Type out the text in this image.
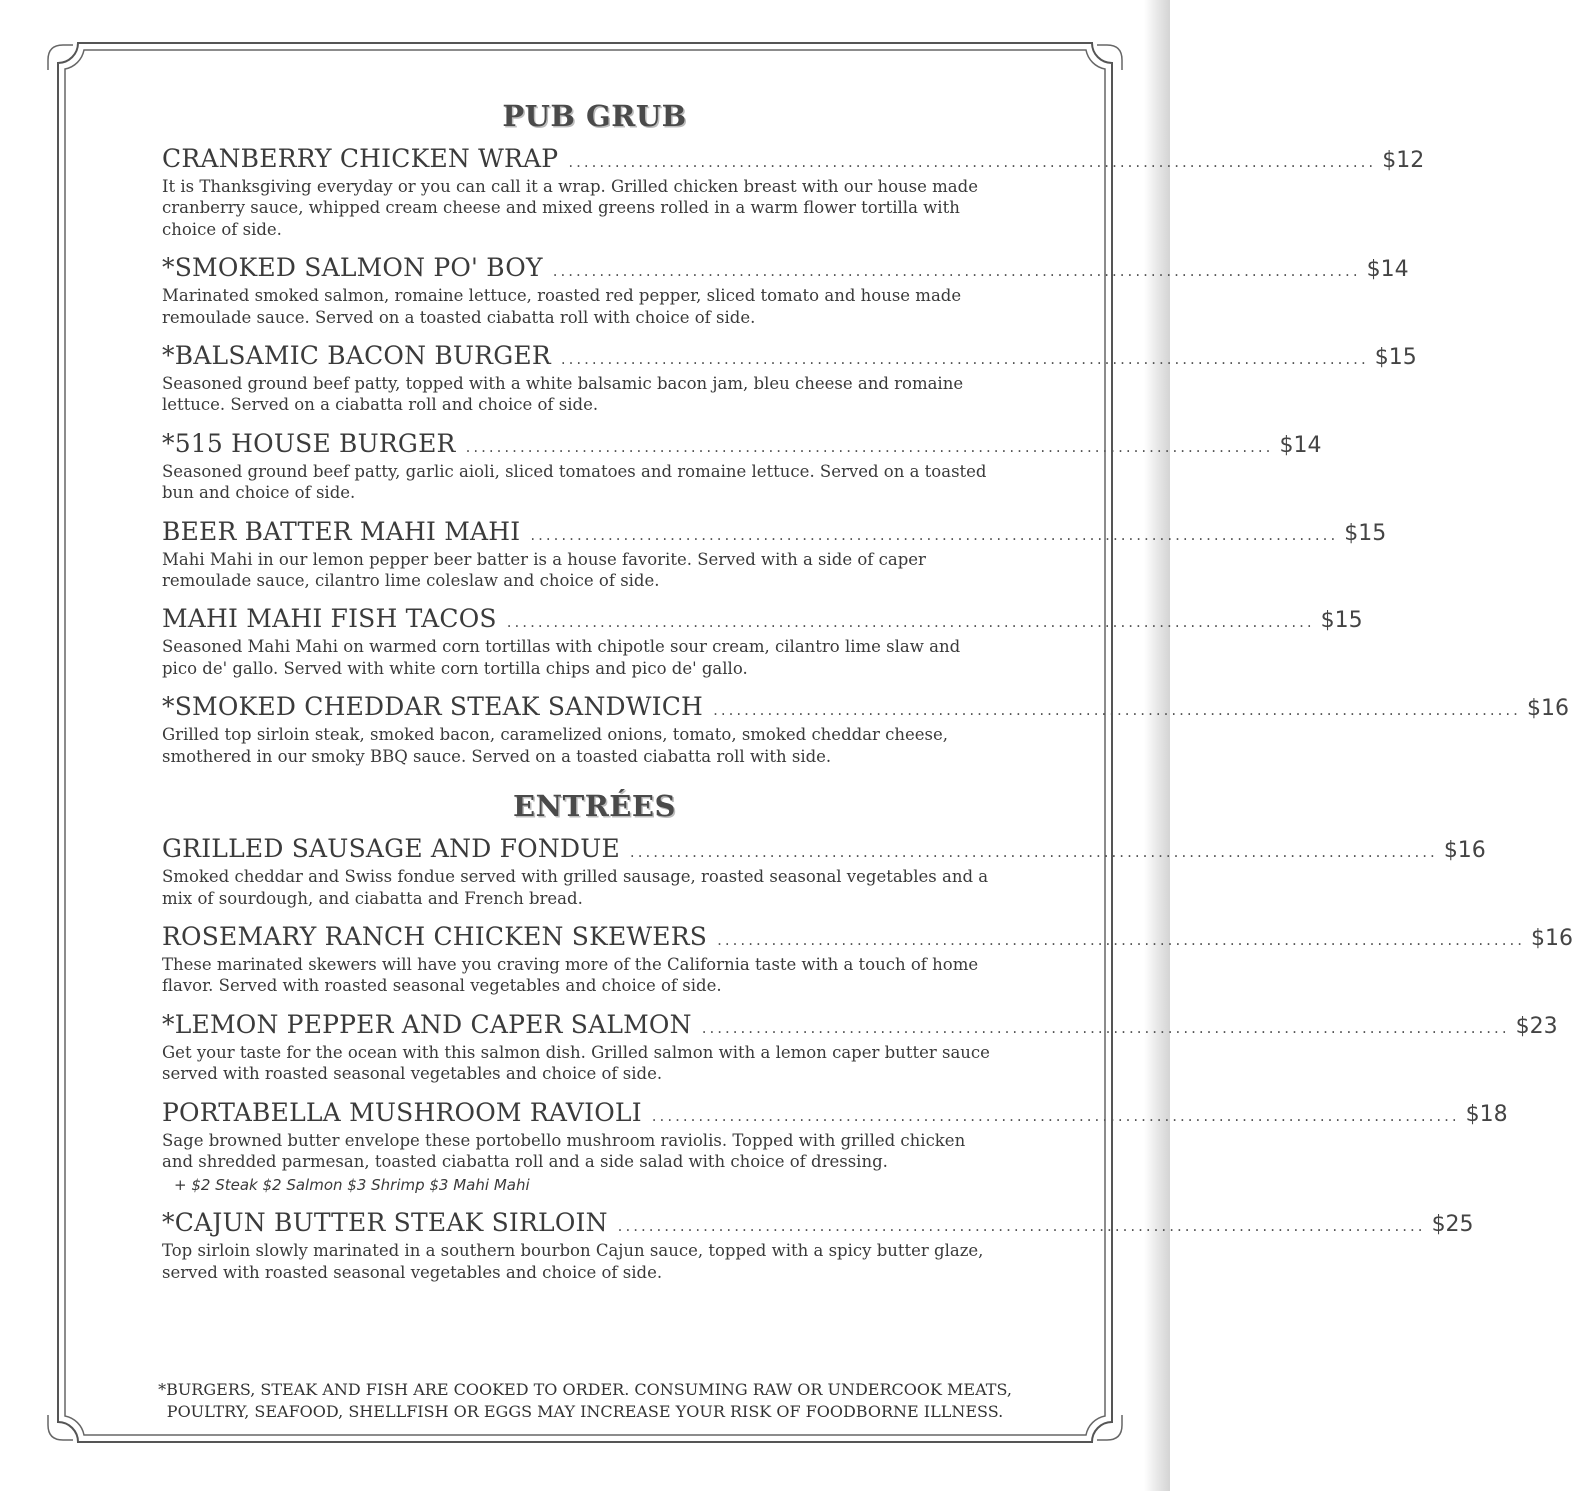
PUB GRUB
CRANBERRY CHICKEN WRAP ........................................................................................................ $12

It is Thanksgiving everyday or you can call it a wrap. Grilled chicken breast with our house made cranberry sauce, whipped cream cheese and mixed greens rolled in a warm flower tortilla with choice of side.

*SMOKED SALMON PO' BOY ........................................................................................................ $14

Marinated smoked salmon, romaine lettuce, roasted red pepper, sliced tomato and house made remoulade sauce. Served on a toasted ciabatta roll with choice of side.

*BALSAMIC BACON BURGER ........................................................................................................ $15

Seasoned ground beef patty, topped with a white balsamic bacon jam, bleu cheese and romaine lettuce. Served on a ciabatta roll and choice of side.

*515 HOUSE BURGER ........................................................................................................ $14

Seasoned ground beef patty, garlic aioli, sliced tomatoes and romaine lettuce. Served on a toasted bun and choice of side.

BEER BATTER MAHI MAHI ........................................................................................................ $15

Mahi Mahi in our lemon pepper beer batter is a house favorite. Served with a side of caper remoulade sauce, cilantro lime coleslaw and choice of side.

MAHI MAHI FISH TACOS ........................................................................................................ $15

Seasoned Mahi Mahi on warmed corn tortillas with chipotle sour cream, cilantro lime slaw and pico de' gallo. Served with white corn tortilla chips and pico de' gallo.

*SMOKED CHEDDAR STEAK SANDWICH ........................................................................................................ $16

Grilled top sirloin steak, smoked bacon, caramelized onions, tomato, smoked cheddar cheese, smothered in our smoky BBQ sauce. Served on a toasted ciabatta roll with side.

ENTRÉES
GRILLED SAUSAGE AND FONDUE ........................................................................................................ $16

Smoked cheddar and Swiss fondue served with grilled sausage, roasted seasonal vegetables and a mix of sourdough, and ciabatta and French bread.

ROSEMARY RANCH CHICKEN SKEWERS ........................................................................................................ $16

These marinated skewers will have you craving more of the California taste with a touch of home flavor. Served with roasted seasonal vegetables and choice of side.

*LEMON PEPPER AND CAPER SALMON ........................................................................................................ $23

Get your taste for the ocean with this salmon dish. Grilled salmon with a lemon caper butter sauce served with roasted seasonal vegetables and choice of side.

PORTABELLA MUSHROOM RAVIOLI ........................................................................................................ $18

Sage browned butter envelope these portobello mushroom raviolis. Topped with grilled chicken and shredded parmesan, toasted ciabatta roll and a side salad with choice of dressing.

+ $2 Steak $2 Salmon $3 Shrimp $3 Mahi Mahi
*CAJUN BUTTER STEAK SIRLOIN ........................................................................................................ $25

Top sirloin slowly marinated in a southern bourbon Cajun sauce, topped with a spicy butter glaze, served with roasted seasonal vegetables and choice of side.

*BURGERS, STEAK AND FISH ARE COOKED TO ORDER. CONSUMING RAW OR UNDERCOOK MEATS, POULTRY, SEAFOOD, SHELLFISH OR EGGS MAY INCREASE YOUR RISK OF FOODBORNE ILLNESS.
